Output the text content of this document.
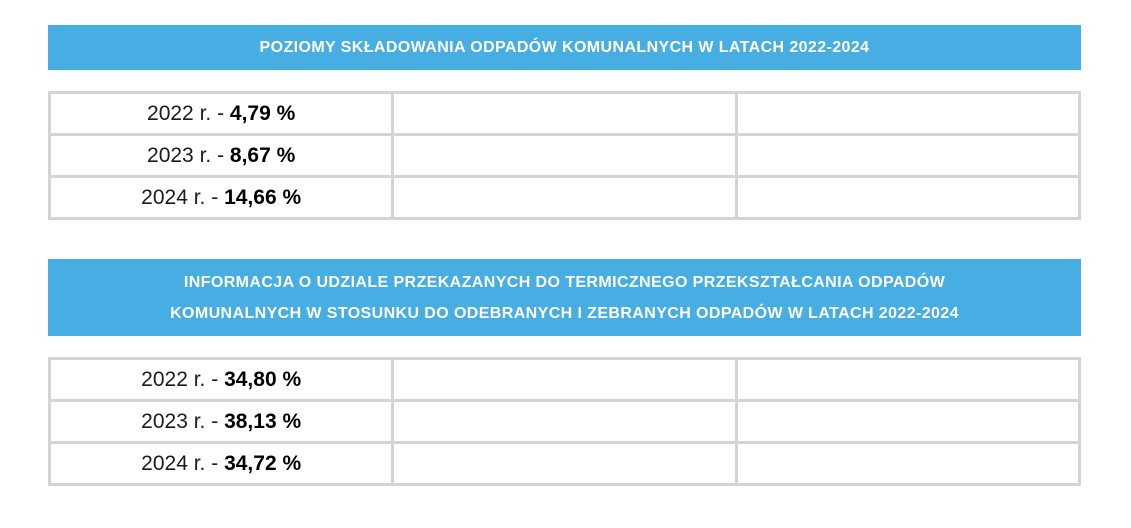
POZIOMY SKŁADOWANIA ODPADÓW KOMUNALNYCH W LATACH 2022-2024
2022 r. - 4,79 %		
2023 r. - 8,67 %		
2024 r. - 14,66 %		
INFORMACJA O UDZIALE PRZEKAZANYCH DO TERMICZNEGO PRZEKSZTAŁCANIA ODPADÓW
KOMUNALNYCH W STOSUNKU DO ODEBRANYCH I ZEBRANYCH ODPADÓW W LATACH 2022-2024
2022 r. - 34,80 %		
2023 r. - 38,13 %		
2024 r. - 34,72 %		
